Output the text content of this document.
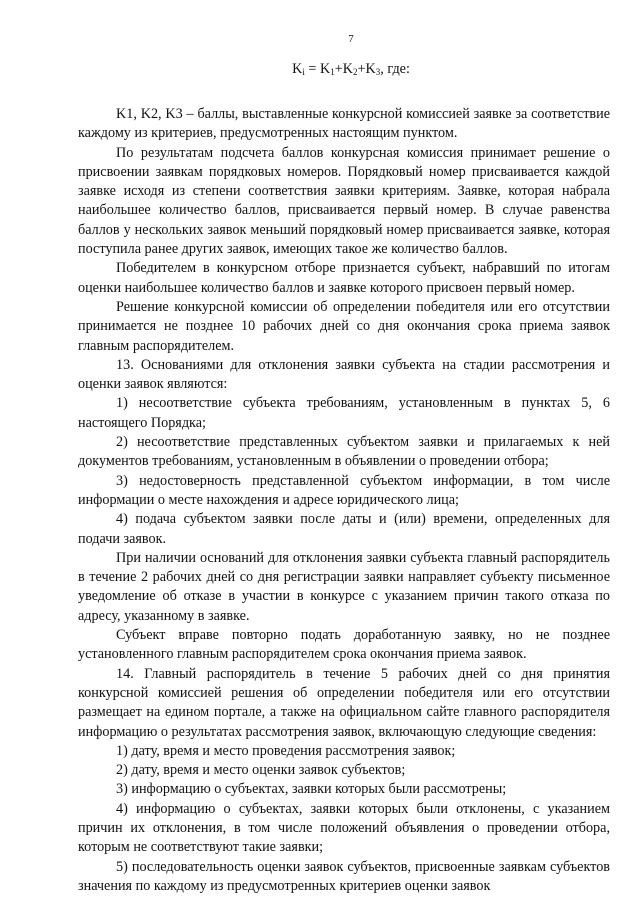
7
$K_i = K_1+K_2+K_3$, где:

K1, K2, K3 – баллы, выставленные конкурсной комиссией заявке за соответствие каждому из критериев, предусмотренных настоящим пунктом.

По результатам подсчета баллов конкурсная комиссия принимает решение о присвоении заявкам порядковых номеров. Порядковый номер присваивается каждой заявке исходя из степени соответствия заявки критериям. Заявке, которая набрала наибольшее количество баллов, присваивается первый номер. В случае равенства баллов у нескольких заявок меньший порядковый номер присваивается заявке, которая поступила ранее других заявок, имеющих такое же количество баллов.

Победителем в конкурсном отборе признается субъект, набравший по итогам оценки наибольшее количество баллов и заявке которого присвоен первый номер.

Решение конкурсной комиссии об определении победителя или его отсутствии принимается не позднее 10 рабочих дней со дня окончания срока приема заявок главным распорядителем.

13. Основаниями для отклонения заявки субъекта на стадии рассмотрения и оценки заявок являются:

1) несоответствие субъекта требованиям, установленным в пунктах 5, 6 настоящего Порядка;

2) несоответствие представленных субъектом заявки и прилагаемых к ней документов требованиям, установленным в объявлении о проведении отбора;

3) недостоверность представленной субъектом информации, в том числе информации о месте нахождения и адресе юридического лица;

4) подача субъектом заявки после даты и (или) времени, определенных для подачи заявок.

При наличии оснований для отклонения заявки субъекта главный распорядитель в течение 2 рабочих дней со дня регистрации заявки направляет субъекту письменное уведомление об отказе в участии в конкурсе с указанием причин такого отказа по адресу, указанному в заявке.

Субъект вправе повторно подать доработанную заявку, но не позднее установленного главным распорядителем срока окончания приема заявок.

14. Главный распорядитель в течение 5 рабочих дней со дня принятия конкурсной комиссией решения об определении победителя или его отсутствии размещает на едином портале, а также на официальном сайте главного распорядителя информацию о результатах рассмотрения заявок, включающую следующие сведения:

1) дату, время и место проведения рассмотрения заявок;

2) дату, время и место оценки заявок субъектов;

3) информацию о субъектах, заявки которых были рассмотрены;

4) информацию о субъектах, заявки которых были отклонены, с указанием причин их отклонения, в том числе положений объявления о проведении отбора, которым не соответствуют такие заявки;

5) последовательность оценки заявок субъектов, присвоенные заявкам субъектов значения по каждому из предусмотренных критериев оценки заявок
